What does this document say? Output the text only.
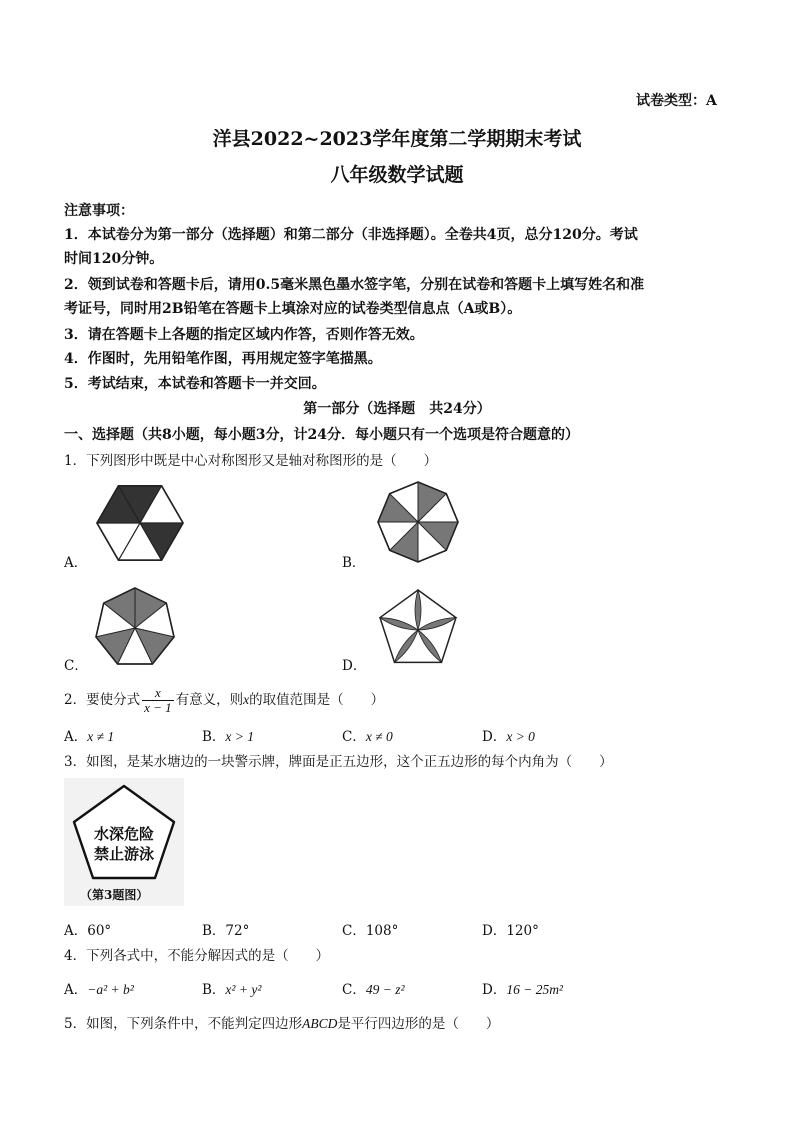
试卷类型：A
洋县2022~2023学年度第二学期期末考试
八年级数学试题
注意事项：
1．本试卷分为第一部分（选择题）和第二部分（非选择题）。全卷共4页，总分120分。考试
时间120分钟。
2．领到试卷和答题卡后，请用0.5毫米黑色墨水签字笔，分别在试卷和答题卡上填写姓名和准
考证号，同时用2B铅笔在答题卡上填涂对应的试卷类型信息点（A或B）。
3．请在答题卡上各题的指定区域内作答，否则作答无效。
4．作图时，先用铅笔作图，再用规定签字笔描黑。
5．考试结束，本试卷和答题卡一并交回。
第一部分（选择题　共24分）
一、选择题（共8小题，每小题3分，计24分．每小题只有一个选项是符合题意的）
1．下列图形中既是中心对称图形又是轴对称图形的是（　　）
A．	B．
C．	D．
2．要使分式 $\frac{x}{x - 1}$ 有意义，则x的取值范围是（　　）
A．x ≠ 1	B．x > 1	C．x ≠ 0	D．x > 0
3．如图，是某水塘边的一块警示牌，牌面是正五边形，这个正五边形的每个内角为（　　）
水深危险
禁止游泳
（第3题图）
A．60°	B．72°	C．108°	D．120°
4．下列各式中，不能分解因式的是（　　）
A．−a² + b²	B．x² + y²	C．49 − z²	D．16 − 25m²
5．如图，下列条件中，不能判定四边形ABCD是平行四边形的是（　　）
